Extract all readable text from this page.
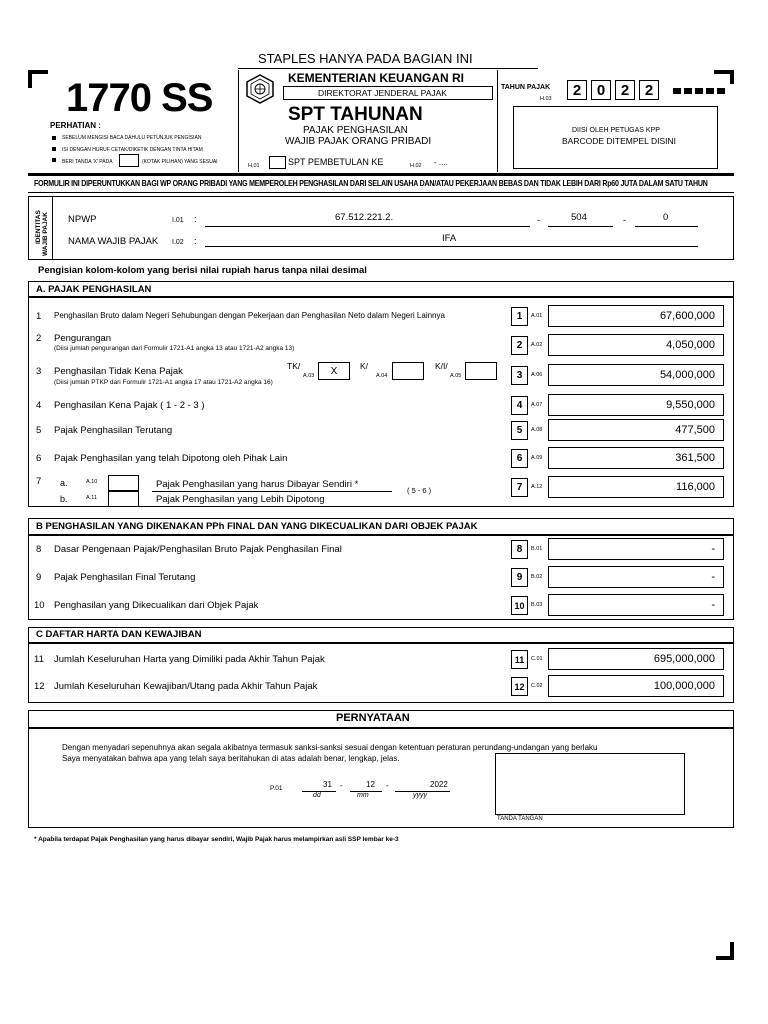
STAPLES HANYA PADA BAGIAN INI
1770 SS
PERHATIAN :
SEBELUM MENGISI BACA DAHULU PETUNJUK PENGISIAN
ISI DENGAN HURUF CETAK/DIKETIK DENGAN TINTA HITAM
BERI TANDA 'X' PADA	(KOTAK PILIHAN) YANG SESUAI
KEMENTERIAN KEUANGAN RI
DIREKTORAT JENDERAL PAJAK
SPT TAHUNAN
PAJAK PENGHASILAN
WAJIB PAJAK ORANG PRIBADI
H.01	SPT PEMBETULAN KE	H.02 - ....
TAHUN PAJAK
H.03
2	0	2	2
DIISI OLEH PETUGAS KPP
BARCODE DITEMPEL DISINI
FORMULIR INI DIPERUNTUKKAN BAGI WP ORANG PRIBADI YANG MEMPEROLEH PENGHASILAN DARI SELAIN USAHA DAN/ATAU PEKERJAAN BEBAS DAN TIDAK LEBIH DARI Rp60 JUTA DALAM SATU TAHUN
IDENTITAS WAJIB PAJAK NPWP	I.01 :	67.512.221.2.	-	504	-	0
NAMA WAJIB PAJAK I.02 :	IFA
Pengisian kolom-kolom yang berisi nilai rupiah harus tanpa nilai desimal
A. PAJAK PENGHASILAN
1 Penghasilan Bruto dalam Negeri Sehubungan dengan Pekerjaan dan Penghasilan Neto dalam Negeri Lainnya	1	A.01	67,600,000
2 Pengurangan
(Diisi jumlah pengurangan dari Formulir 1721-A1 angka 13 atau 1721-A2 angka 13)	2	A.02	4,050,000
3 Penghasilan Tidak Kena Pajak
(Diisi jumlah PTKP dari Formulir 1721-A1 angka 17 atau 1721-A2 angka 16)
TK/
A.03	X	K/
A.04
K/I/
A.05	3	A.06	54,000,000
4 Penghasilan Kena Pajak ( 1 - 2 - 3 )	4	A.07	9,550,000
5 Pajak Penghasilan Terutang	5	A.08	477,500
6 Pajak Penghasilan yang telah Dipotong oleh Pihak Lain	6	A.09	361,500
7 a.	A.10	Pajak Penghasilan yang harus Dibayar Sendiri *
b.	A.11	Pajak Penghasilan yang Lebih Dipotong
( 5 - 6 )	7	A.12	116,000
B PENGHASILAN YANG DIKENAKAN PPh FINAL DAN YANG DIKECUALIKAN DARI OBJEK PAJAK
8 Dasar Pengenaan Pajak/Penghasilan Bruto Pajak Penghasilan Final	8	B.01	-
9 Pajak Penghasilan Final Terutang	9	B.02	-
10 Penghasilan yang Dikecualikan dari Objek Pajak	10	B.03	-
C DAFTAR HARTA DAN KEWAJIBAN
11 Jumlah Keseluruhan Harta yang Dimiliki pada Akhir Tahun Pajak	11	C.01	695,000,000
12 Jumlah Keseluruhan Kewajiban/Utang pada Akhir Tahun Pajak	12	C.02	100,000,000
PERNYATAAN
Dengan menyadari sepenuhnya akan segala akibatnya termasuk sanksi-sanksi sesuai dengan ketentuan peraturan perundang-undangan yang berlaku
Saya menyatakan bahwa apa yang telah saya beritahukan di atas adalah benar, lengkap, jelas.
TANDA TANGAN
P.01	31 -	12 -	2022
dd	mm	yyyy
* Apabila terdapat Pajak Penghasilan yang harus dibayar sendiri, Wajib Pajak harus melampirkan asli SSP lembar ke-3
